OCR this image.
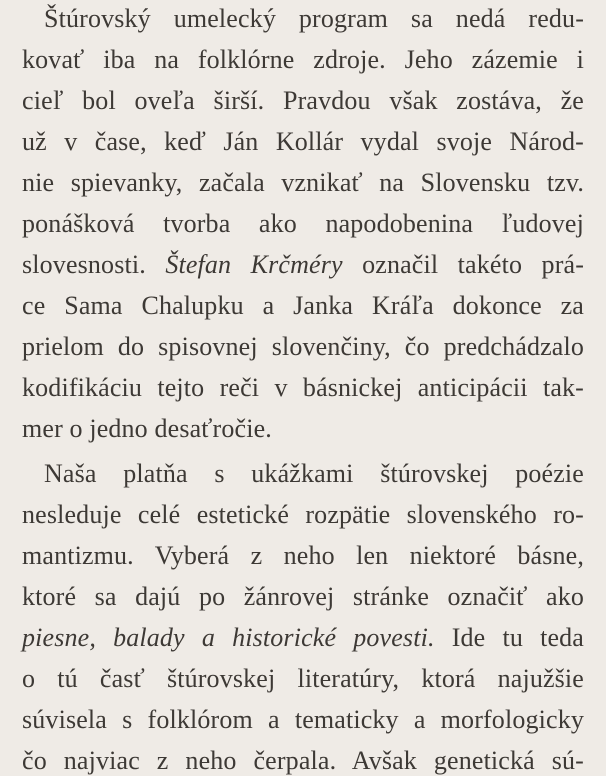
Štúrovský umelecký program sa nedá redu-
kovať iba na folklórne zdroje. Jeho zázemie i
cieľ bol oveľa širší. Pravdou však zostáva, že
už v čase, keď Ján Kollár vydal svoje Národ-
nie spievanky, začala vznikať na Slovensku tzv.
ponášková tvorba ako napodobenina ľudovej
slovesnosti. Štefan Krčméry označil takéto prá-
ce Sama Chalupku a Janka Kráľa dokonce za
prielom do spisovnej slovenčiny, čo predchádzalo
kodifikáciu tejto reči v básnickej anticipácii tak-
mer o jedno desaťročie.
Naša platňa s ukážkami štúrovskej poézie
nesleduje celé estetické rozpätie slovenského ro-
mantizmu. Vyberá z neho len niektoré básne,
ktoré sa dajú po žánrovej stránke označiť ako
piesne, balady a historické povesti. Ide tu teda
o tú časť štúrovskej literatúry, ktorá najužšie
súvisela s folklórom a tematicky a morfologicky
čo najviac z neho čerpala. Avšak genetická sú-
